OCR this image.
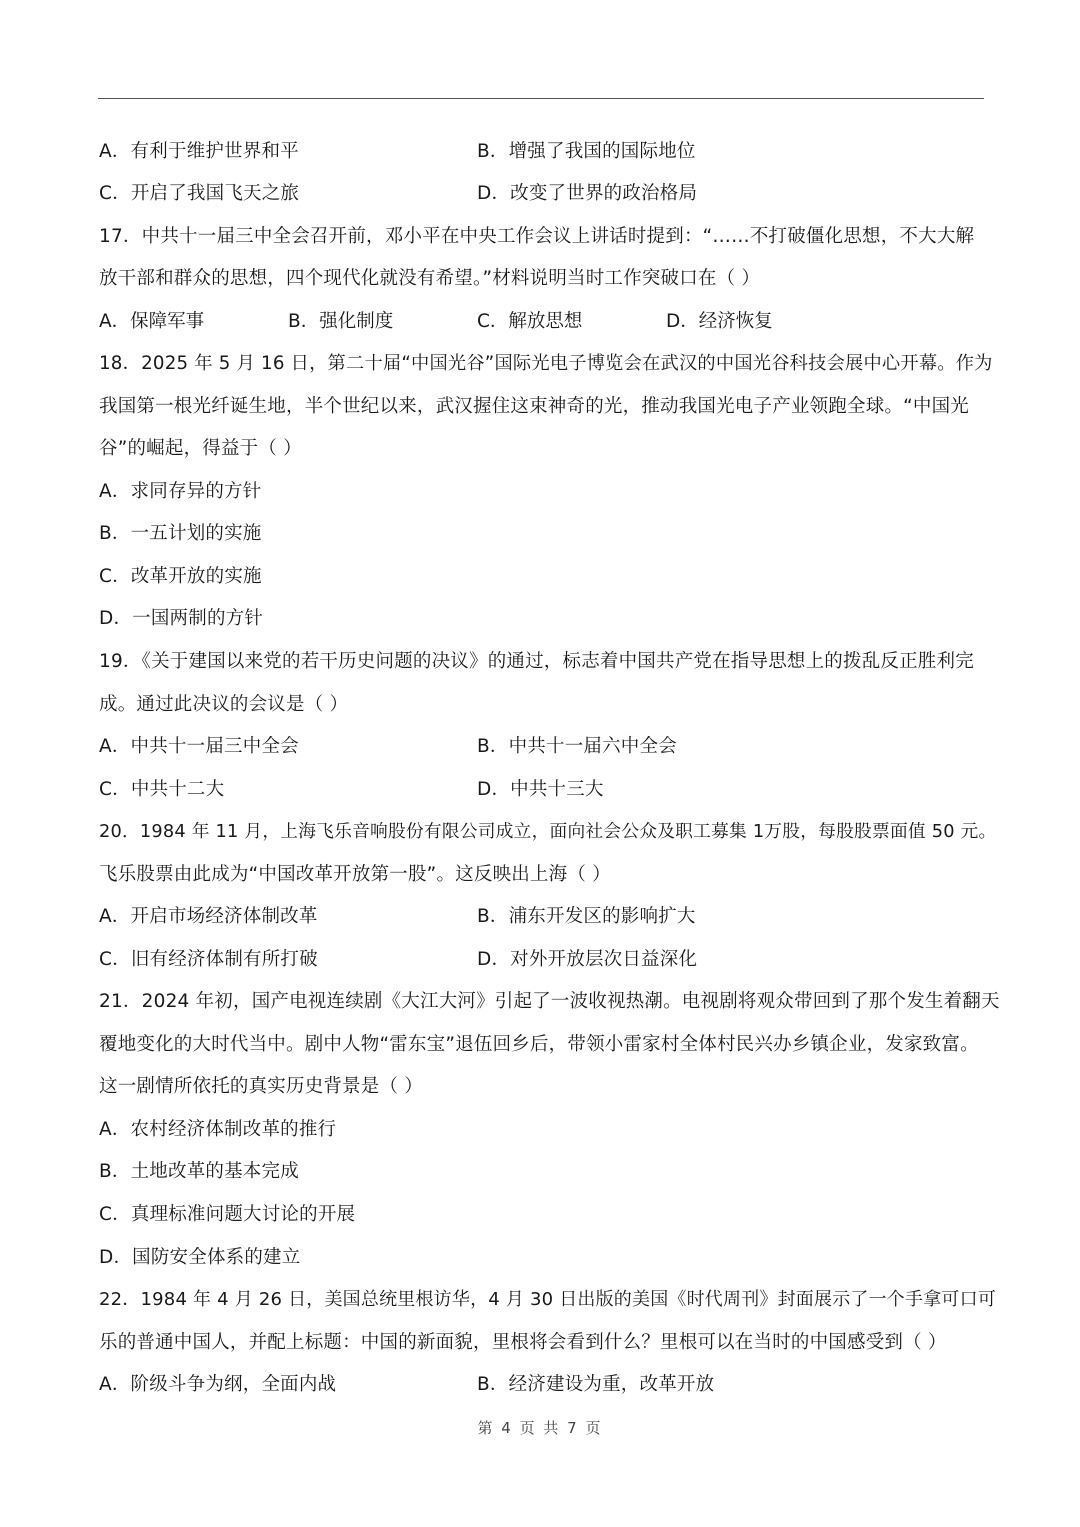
A．有利于维护世界和平	B．增强了我国的国际地位
C．开启了我国飞天之旅	D．改变了世界的政治格局
17．中共十一届三中全会召开前，邓小平在中央工作会议上讲话时提到：“……不打破僵化思想，不大大解
放干部和群众的思想，四个现代化就没有希望。”材料说明当时工作突破口在（ ）
A．保障军事	B．强化制度	C．解放思想	D．经济恢复
18．2025 年 5 月 16 日，第二十届“中国光谷”国际光电子博览会在武汉的中国光谷科技会展中心开幕。作为
我国第一根光纤诞生地，半个世纪以来，武汉握住这束神奇的光，推动我国光电子产业领跑全球。“中国光
谷”的崛起，得益于（ ）
A．求同存异的方针
B．一五计划的实施
C．改革开放的实施
D．一国两制的方针
19．《关于建国以来党的若干历史问题的决议》的通过，标志着中国共产党在指导思想上的拨乱反正胜利完
成。通过此决议的会议是（ ）
A．中共十一届三中全会	B．中共十一届六中全会
C．中共十二大	D．中共十三大
20．1984 年 11 月，上海飞乐音响股份有限公司成立，面向社会公众及职工募集 1万股，每股股票面值 50 元。
飞乐股票由此成为“中国改革开放第一股”。这反映出上海（ ）
A．开启市场经济体制改革	B．浦东开发区的影响扩大
C．旧有经济体制有所打破	D．对外开放层次日益深化
21．2024 年初，国产电视连续剧《大江大河》引起了一波收视热潮。电视剧将观众带回到了那个发生着翻天
覆地变化的大时代当中。剧中人物“雷东宝”退伍回乡后，带领小雷家村全体村民兴办乡镇企业，发家致富。
这一剧情所依托的真实历史背景是（ ）
A．农村经济体制改革的推行
B．土地改革的基本完成
C．真理标准问题大讨论的开展
D．国防安全体系的建立
22．1984 年 4 月 26 日，美国总统里根访华，4 月 30 日出版的美国《时代周刊》封面展示了一个手拿可口可
乐的普通中国人，并配上标题：中国的新面貌，里根将会看到什么？里根可以在当时的中国感受到（ ）
A．阶级斗争为纲，全面内战	B．经济建设为重，改革开放
第 4 页 共 7 页
